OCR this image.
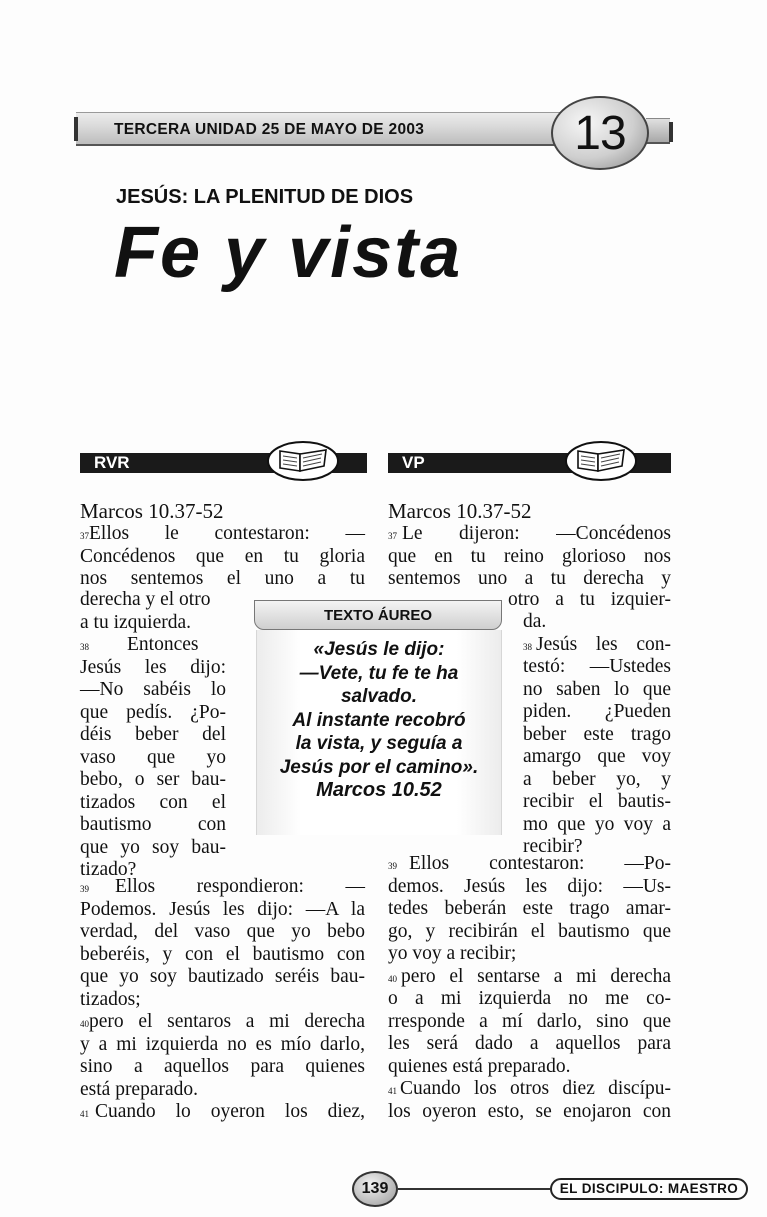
TERCERA UNIDAD 25 DE MAYO DE 2003	13
JESÚS: LA PLENITUD DE DIOS
Fe y vista
RVR	VP
Marcos 10.37-52
$^{37}$Ellos le contestaron: —
Concédenos que en tu gloria
nos sentemos el uno a tu
derecha y el otro
a tu izquierda.
$^{38}$ Entonces
Jesús les dijo:
—No sabéis lo
que pedís. ¿Po-
déis beber del
vaso que yo
bebo, o ser bau-
tizados con el
bautismo con
que yo soy bau-
tizado?
$^{39}$ Ellos respondieron: —
Podemos. Jesús les dijo: —A la
verdad, del vaso que yo bebo
beberéis, y con el bautismo con
que yo soy bautizado seréis bau-
tizados;
$^{40}$pero el sentaros a mi derecha
y a mi izquierda no es mío darlo,
sino a aquellos para quienes
está preparado.
$^{41}$ Cuando lo oyeron los diez,
Marcos 10.37-52
$^{37}$ Le dijeron: —Concédenos
que en tu reino glorioso nos
sentemos uno a tu derecha y
otro a tu izquier-
da.
$^{38}$ Jesús les con-
testó: —Ustedes
no saben lo que
piden. ¿Pueden
beber este trago
amargo que voy
a beber yo, y
recibir el bautis-
mo que yo voy a
recibir?
$^{39}$ Ellos contestaron: —Po-
demos. Jesús les dijo: —Us-
tedes beberán este trago amar-
go, y recibirán el bautismo que
yo voy a recibir;
$^{40}$ pero el sentarse a mi derecha
o a mi izquierda no me co-
rresponde a mí darlo, sino que
les será dado a aquellos para
quienes está preparado.
$^{41}$ Cuando los otros diez discípu-
los oyeron esto, se enojaron con
«Jesús le dijo:
—Vete, tu fe te ha
salvado.
Al instante recobró
la vista, y seguía a
Jesús por el camino».
Marcos 10.52
TEXTO ÁUREO
139	EL DISCIPULO: MAESTRO
